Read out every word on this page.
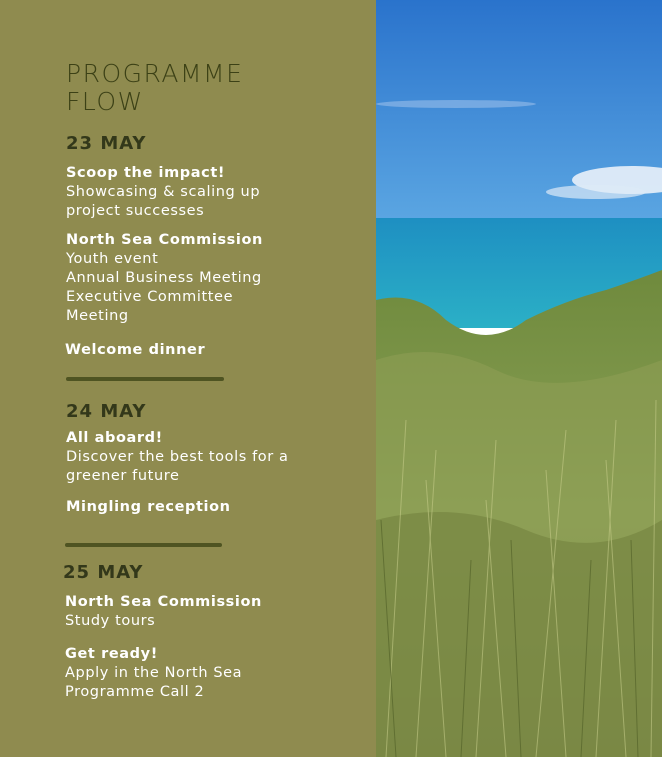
PROGRAMME
FLOW
23 MAY
Scoop the impact!
Showcasing & scaling up
project successes
North Sea Commission
Youth event
Annual Business Meeting
Executive Committee
Meeting
Welcome dinner
24 MAY
All aboard!
Discover the best tools for a
greener future
Mingling reception
25 MAY
North Sea Commission
Study tours
Get ready!
Apply in the North Sea
Programme Call 2
